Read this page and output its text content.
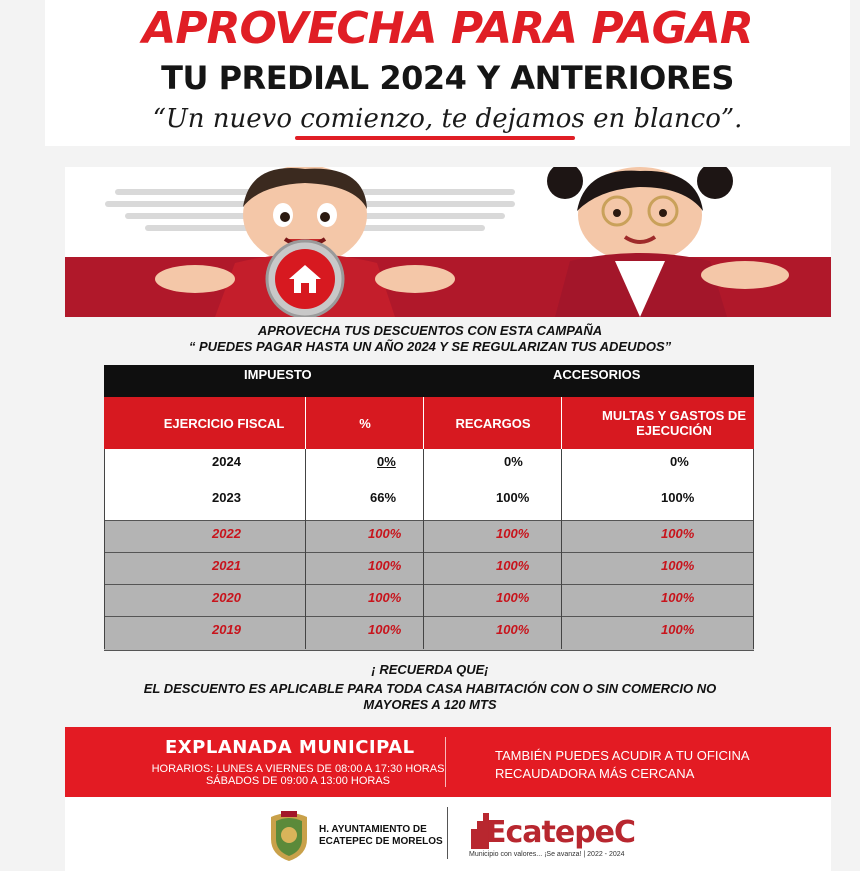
APROVECHA PARA PAGAR
TU PREDIAL 2024 Y ANTERIORES
“Un nuevo comienzo, te dejamos en blanco”.
APROVECHA TUS DESCUENTOS CON ESTA CAMPAÑA
“ PUEDES PAGAR HASTA UN AÑO 2024 Y SE REGULARIZAN TUS ADEUDOS”
IMPUESTO	ACCESORIOS
EJERCICIO FISCAL	%	RECARGOS	MULTAS Y GASTOS DE EJECUCIÓN
2024	0%	0%	0%
2023	66%	100%	100%
2022	100%	100%	100%
2021	100%	100%	100%
2020	100%	100%	100%
2019	100%	100%	100%
¡ RECUERDA QUE¡
EL DESCUENTO ES APLICABLE PARA TODA CASA HABITACIÓN CON O SIN COMERCIO NO
MAYORES A 120 MTS
EXPLANADA MUNICIPAL
HORARIOS: LUNES A VIERNES DE 08:00 A 17:30 HORAS
SÁBADOS DE 09:00 A 13:00 HORAS
TAMBIÉN PUEDES ACUDIR A TU OFICINA
RECAUDADORA MÁS CERCANA
H. AYUNTAMIENTO DE
ECATEPEC DE MORELOS EcatepeC
Municipio con valores... ¡Se avanza! | 2022 - 2024
